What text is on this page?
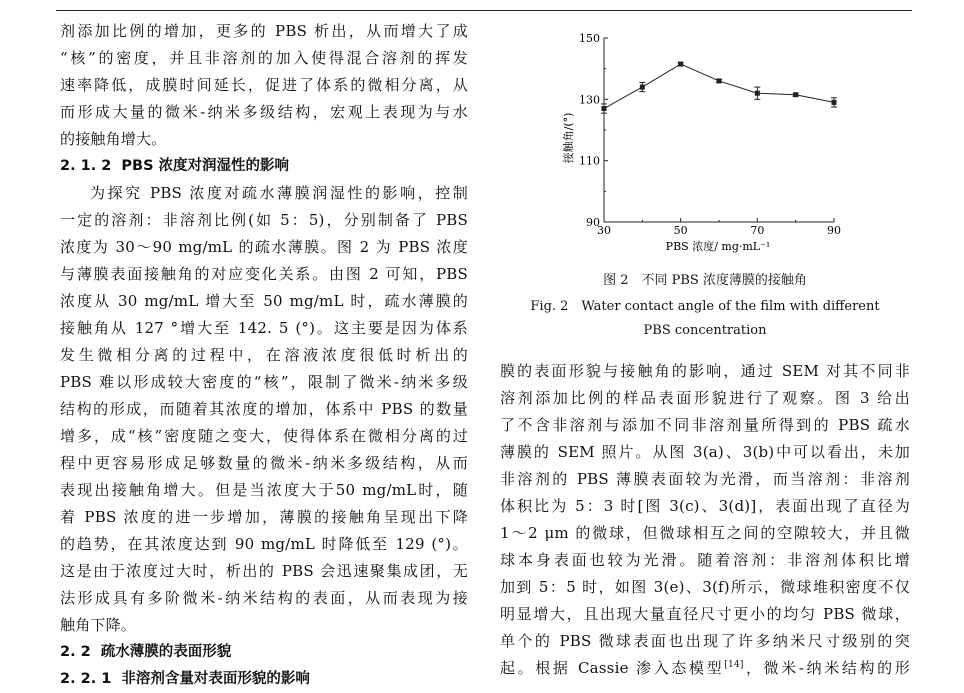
剂添加比例的增加，更多的 PBS 析出，从而增大了成

“核”的密度，并且非溶剂的加入使得混合溶剂的挥发

速率降低，成膜时间延长，促进了体系的微相分离，从

而形成大量的微米-纳米多级结构，宏观上表现为与水

的接触角增大。

2. 1. 2 PBS 浓度对润湿性的影响

为探究 PBS 浓度对疏水薄膜润湿性的影响，控制

一定的溶剂：非溶剂比例(如 5：5)，分别制备了 PBS

浓度为 30～90 mg/mL 的疏水薄膜。图 2 为 PBS 浓度

与薄膜表面接触角的对应变化关系。由图 2 可知，PBS

浓度从 30 mg/mL 增大至 50 mg/mL 时，疏水薄膜的

接触角从 127 °增大至 142. 5 (°)。这主要是因为体系

发生微相分离的过程中，在溶液浓度很低时析出的

PBS 难以形成较大密度的“核”，限制了微米-纳米多级

结构的形成，而随着其浓度的增加，体系中 PBS 的数量

增多，成“核”密度随之变大，使得体系在微相分离的过

程中更容易形成足够数量的微米-纳米多级结构，从而

表现出接触角增大。但是当浓度大于50 mg/mL时，随

着 PBS 浓度的进一步增加，薄膜的接触角呈现出下降

的趋势，在其浓度达到 90 mg/mL 时降低至 129 (°)。

这是由于浓度过大时，析出的 PBS 会迅速聚集成团，无

法形成具有多阶微米-纳米结构的表面，从而表现为接

触角下降。

2. 2 疏水薄膜的表面形貌

2. 2. 1 非溶剂含量对表面形貌的影响

90
110
130
150
30	50	70	90
接触角/(°)
PBS 浓度/ mg·mL⁻¹
图 2　不同 PBS 浓度薄膜的接触角
Fig. 2　Water contact angle of the film with different
PBS concentration

膜的表面形貌与接触角的影响，通过 SEM 对其不同非

溶剂添加比例的样品表面形貌进行了观察。图 3 给出

了不含非溶剂与添加不同非溶剂量所得到的 PBS 疏水

薄膜的 SEM 照片。从图 3(a)、3(b)中可以看出，未加

非溶剂的 PBS 薄膜表面较为光滑，而当溶剂：非溶剂

体积比为 5：3 时[图 3(c)、3(d)]，表面出现了直径为

1～2 μm 的微球，但微球相互之间的空隙较大，并且微

球本身表面也较为光滑。随着溶剂：非溶剂体积比增

加到 5：5 时，如图 3(e)、3(f)所示，微球堆积密度不仅

明显增大，且出现大量直径尺寸更小的均匀 PBS 微球，

单个的 PBS 微球表面也出现了许多纳米尺寸级别的突

起。根据 Cassie 渗入态模型[14]，微米-纳米结构的形
